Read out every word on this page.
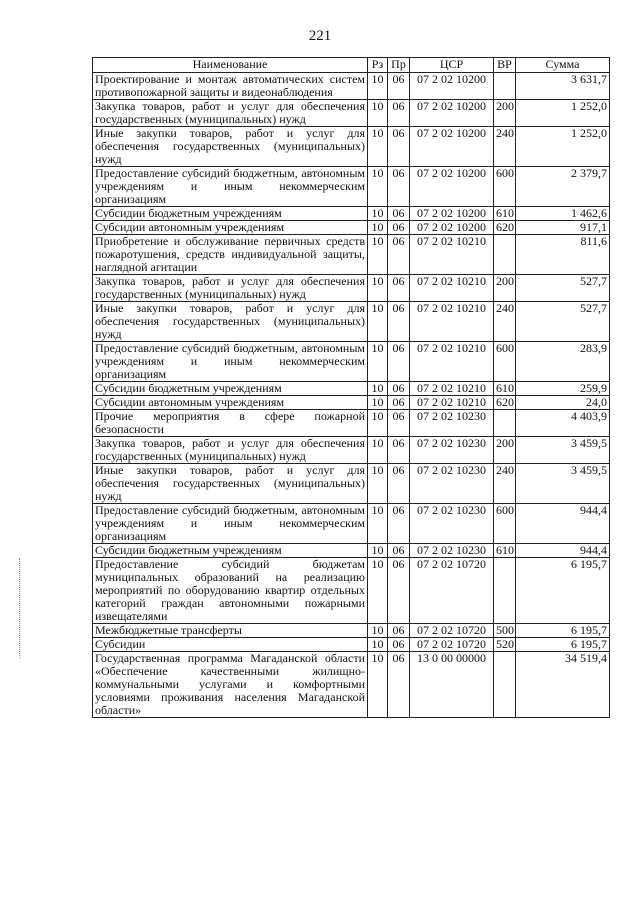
221
Наименование	Рз	Пр	ЦСР	ВР	Сумма
Проектирование и монтаж автоматических систем противопожарной защиты и видеонаблюдения	10	06	07 2 02 10200		3 631,7
Закупка товаров, работ и услуг для обеспечения государственных (муниципальных) нужд	10	06	07 2 02 10200	200	1 252,0
Иные закупки товаров, работ и услуг для обеспечения государственных (муниципальных) нужд	10	06	07 2 02 10200	240	1 252,0
Предоставление субсидий бюджетным, автономным учреждениям и иным некоммерческим организациям	10	06	07 2 02 10200	600	2 379,7
Субсидии бюджетным учреждениям	10	06	07 2 02 10200	610	1 462,6
Субсидии автономным учреждениям	10	06	07 2 02 10200	620	917,1
Приобретение и обслуживание первичных средств пожаротушения, средств индивидуальной защиты, наглядной агитации	10	06	07 2 02 10210		811,6
Закупка товаров, работ и услуг для обеспечения государственных (муниципальных) нужд	10	06	07 2 02 10210	200	527,7
Иные закупки товаров, работ и услуг для обеспечения государственных (муниципальных) нужд	10	06	07 2 02 10210	240	527,7
Предоставление субсидий бюджетным, автономным учреждениям и иным некоммерческим организациям	10	06	07 2 02 10210	600	283,9
Субсидии бюджетным учреждениям	10	06	07 2 02 10210	610	259,9
Субсидии автономным учреждениям	10	06	07 2 02 10210	620	24,0
Прочие мероприятия в сфере пожарной безопасности	10	06	07 2 02 10230		4 403,9
Закупка товаров, работ и услуг для обеспечения государственных (муниципальных) нужд	10	06	07 2 02 10230	200	3 459,5
Иные закупки товаров, работ и услуг для обеспечения государственных (муниципальных) нужд	10	06	07 2 02 10230	240	3 459,5
Предоставление субсидий бюджетным, автономным учреждениям и иным некоммерческим организациям	10	06	07 2 02 10230	600	944,4
Субсидии бюджетным учреждениям	10	06	07 2 02 10230	610	944,4
Предоставление субсидий бюджетам муниципальных образований на реализацию мероприятий по оборудованию квартир отдельных категорий граждан автономными пожарными извещателями	10	06	07 2 02 10720		6 195,7
Межбюджетные трансферты	10	06	07 2 02 10720	500	6 195,7
Субсидии	10	06	07 2 02 10720	520	6 195,7
Государственная программа Магаданской области «Обеспечение качественными жилищно-коммунальными услугами и комфортными условиями проживания населения Магаданской области»	10	06	13 0 00 00000		34 519,4
